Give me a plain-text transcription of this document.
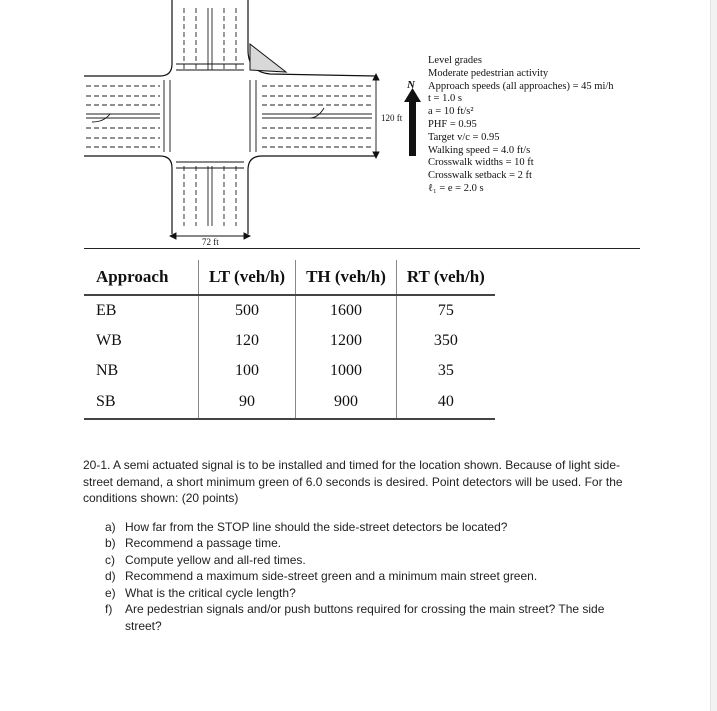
120 ft
72 ft
N
Level grades
Moderate pedestrian activity
Approach speeds (all approaches) = 45 mi/h
t = 1.0 s
a = 10 ft/s²
PHF = 0.95
Target v/c = 0.95
Walking speed = 4.0 ft/s
Crosswalk widths = 10 ft
Crosswalk setback = 2 ft
ℓ₁ = e = 2.0 s
Approach	LT (veh/h)	TH (veh/h)	RT (veh/h)
EB	500	1600	75
WB	120	1200	350
NB	100	1000	35
SB	90	900	40

20-1. A semi actuated signal is to be installed and timed for the location shown. Because of light side-street demand, a short minimum green of 6.0 seconds is desired. Point detectors will be used. For the conditions shown: (20 points)

a) How far from the STOP line should the side-street detectors be located?
b) Recommend a passage time.
c) Compute yellow and all-red times.
d) Recommend a maximum side-street green and a minimum main street green.
e) What is the critical cycle length?
f) Are pedestrian signals and/or push buttons required for crossing the main street? The side street?
